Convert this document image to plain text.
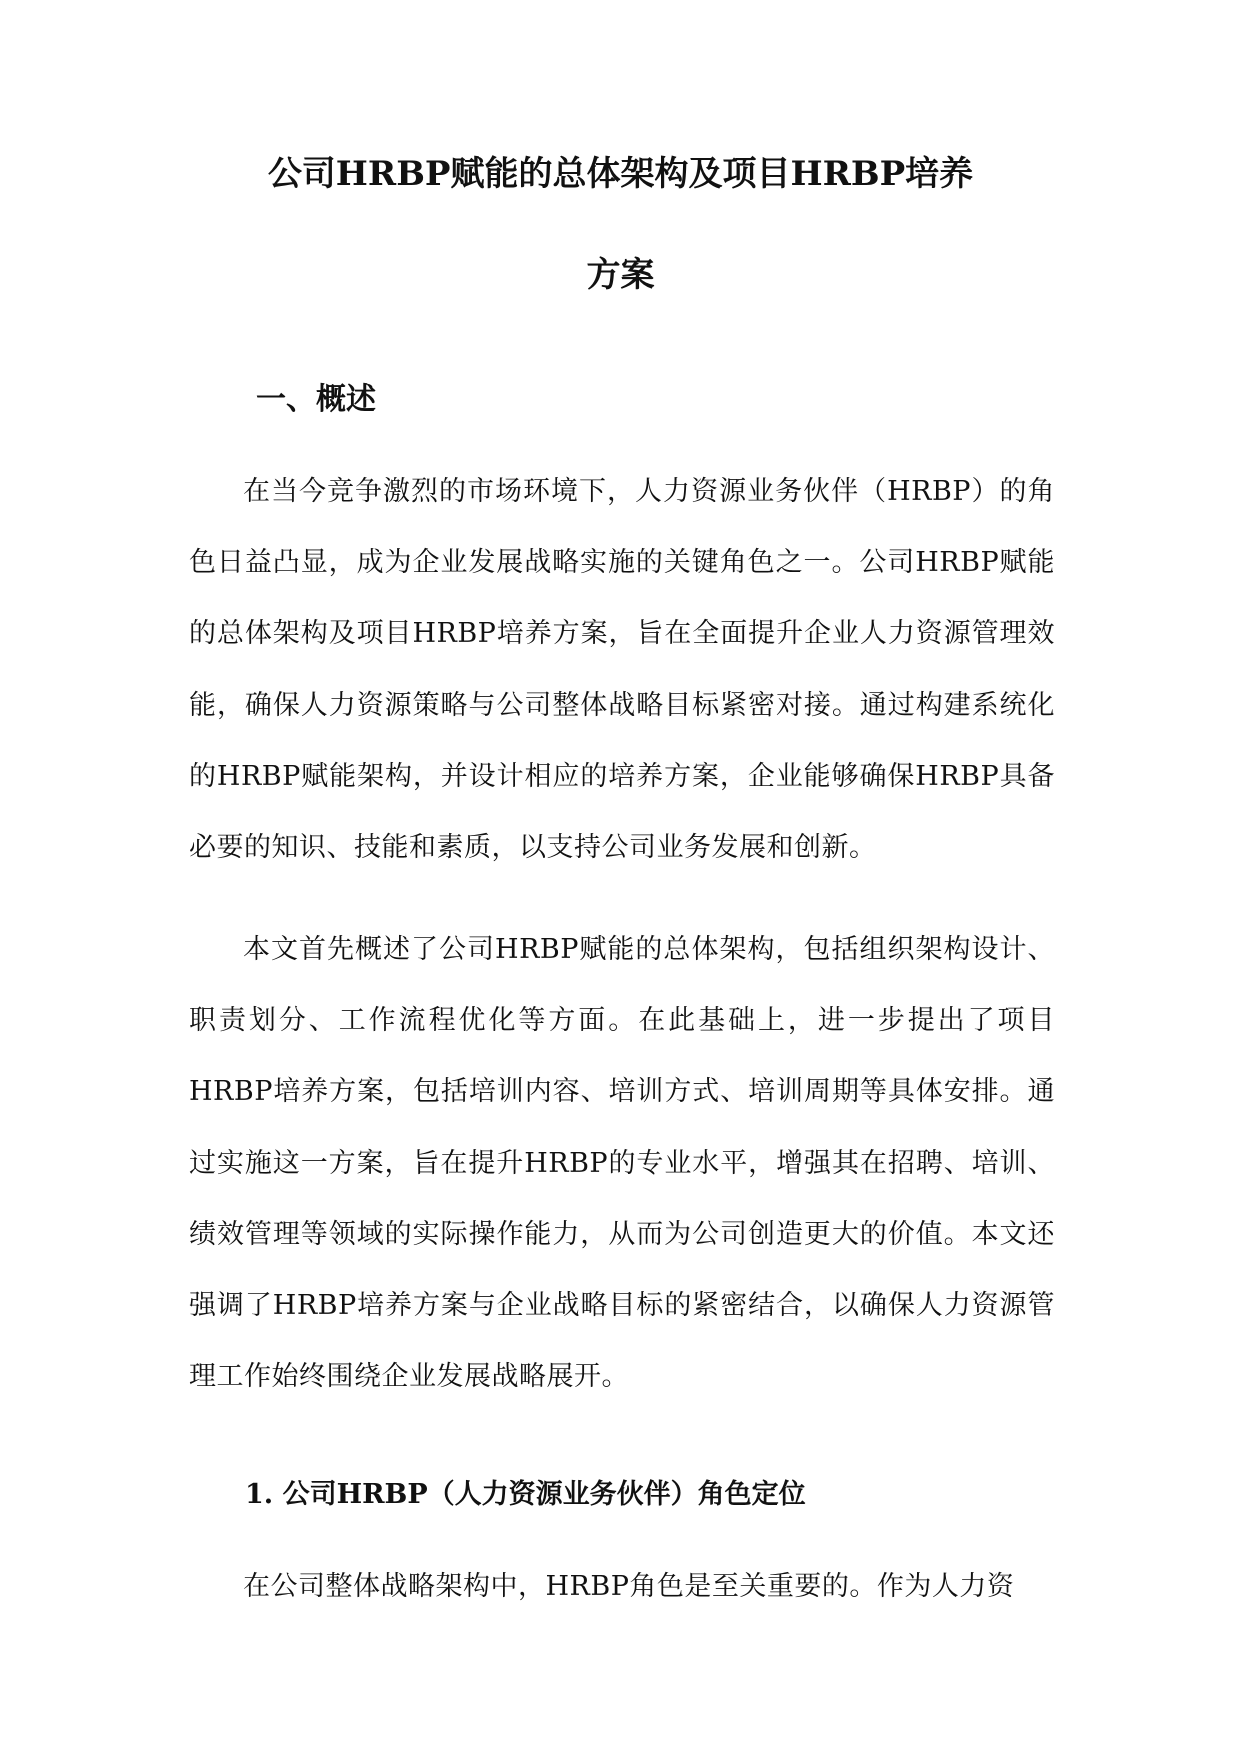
公司HRBP赋能的总体架构及项目HRBP培养
方案
一、概述

在当今竞争激烈的市场环境下，人力资源业务伙伴（HRBP）的角色日益凸显，成为企业发展战略实施的关键角色之一。公司HRBP赋能的总体架构及项目HRBP培养方案，旨在全面提升企业人力资源管理效能，确保人力资源策略与公司整体战略目标紧密对接。通过构建系统化的HRBP赋能架构，并设计相应的培养方案，企业能够确保HRBP具备必要的知识、技能和素质，以支持公司业务发展和创新。

本文首先概述了公司HRBP赋能的总体架构，包括组织架构设计、职责划分、工作流程优化等方面。在此基础上，进一步提出了项目HRBP培养方案，包括培训内容、培训方式、培训周期等具体安排。通过实施这一方案，旨在提升HRBP的专业水平，增强其在招聘、培训、绩效管理等领域的实际操作能力，从而为公司创造更大的价值。本文还强调了HRBP培养方案与企业战略目标的紧密结合，以确保人力资源管理工作始终围绕企业发展战略展开。

1. 公司HRBP（人力资源业务伙伴）角色定位

在公司整体战略架构中，HRBP角色是至关重要的。作为人力资
